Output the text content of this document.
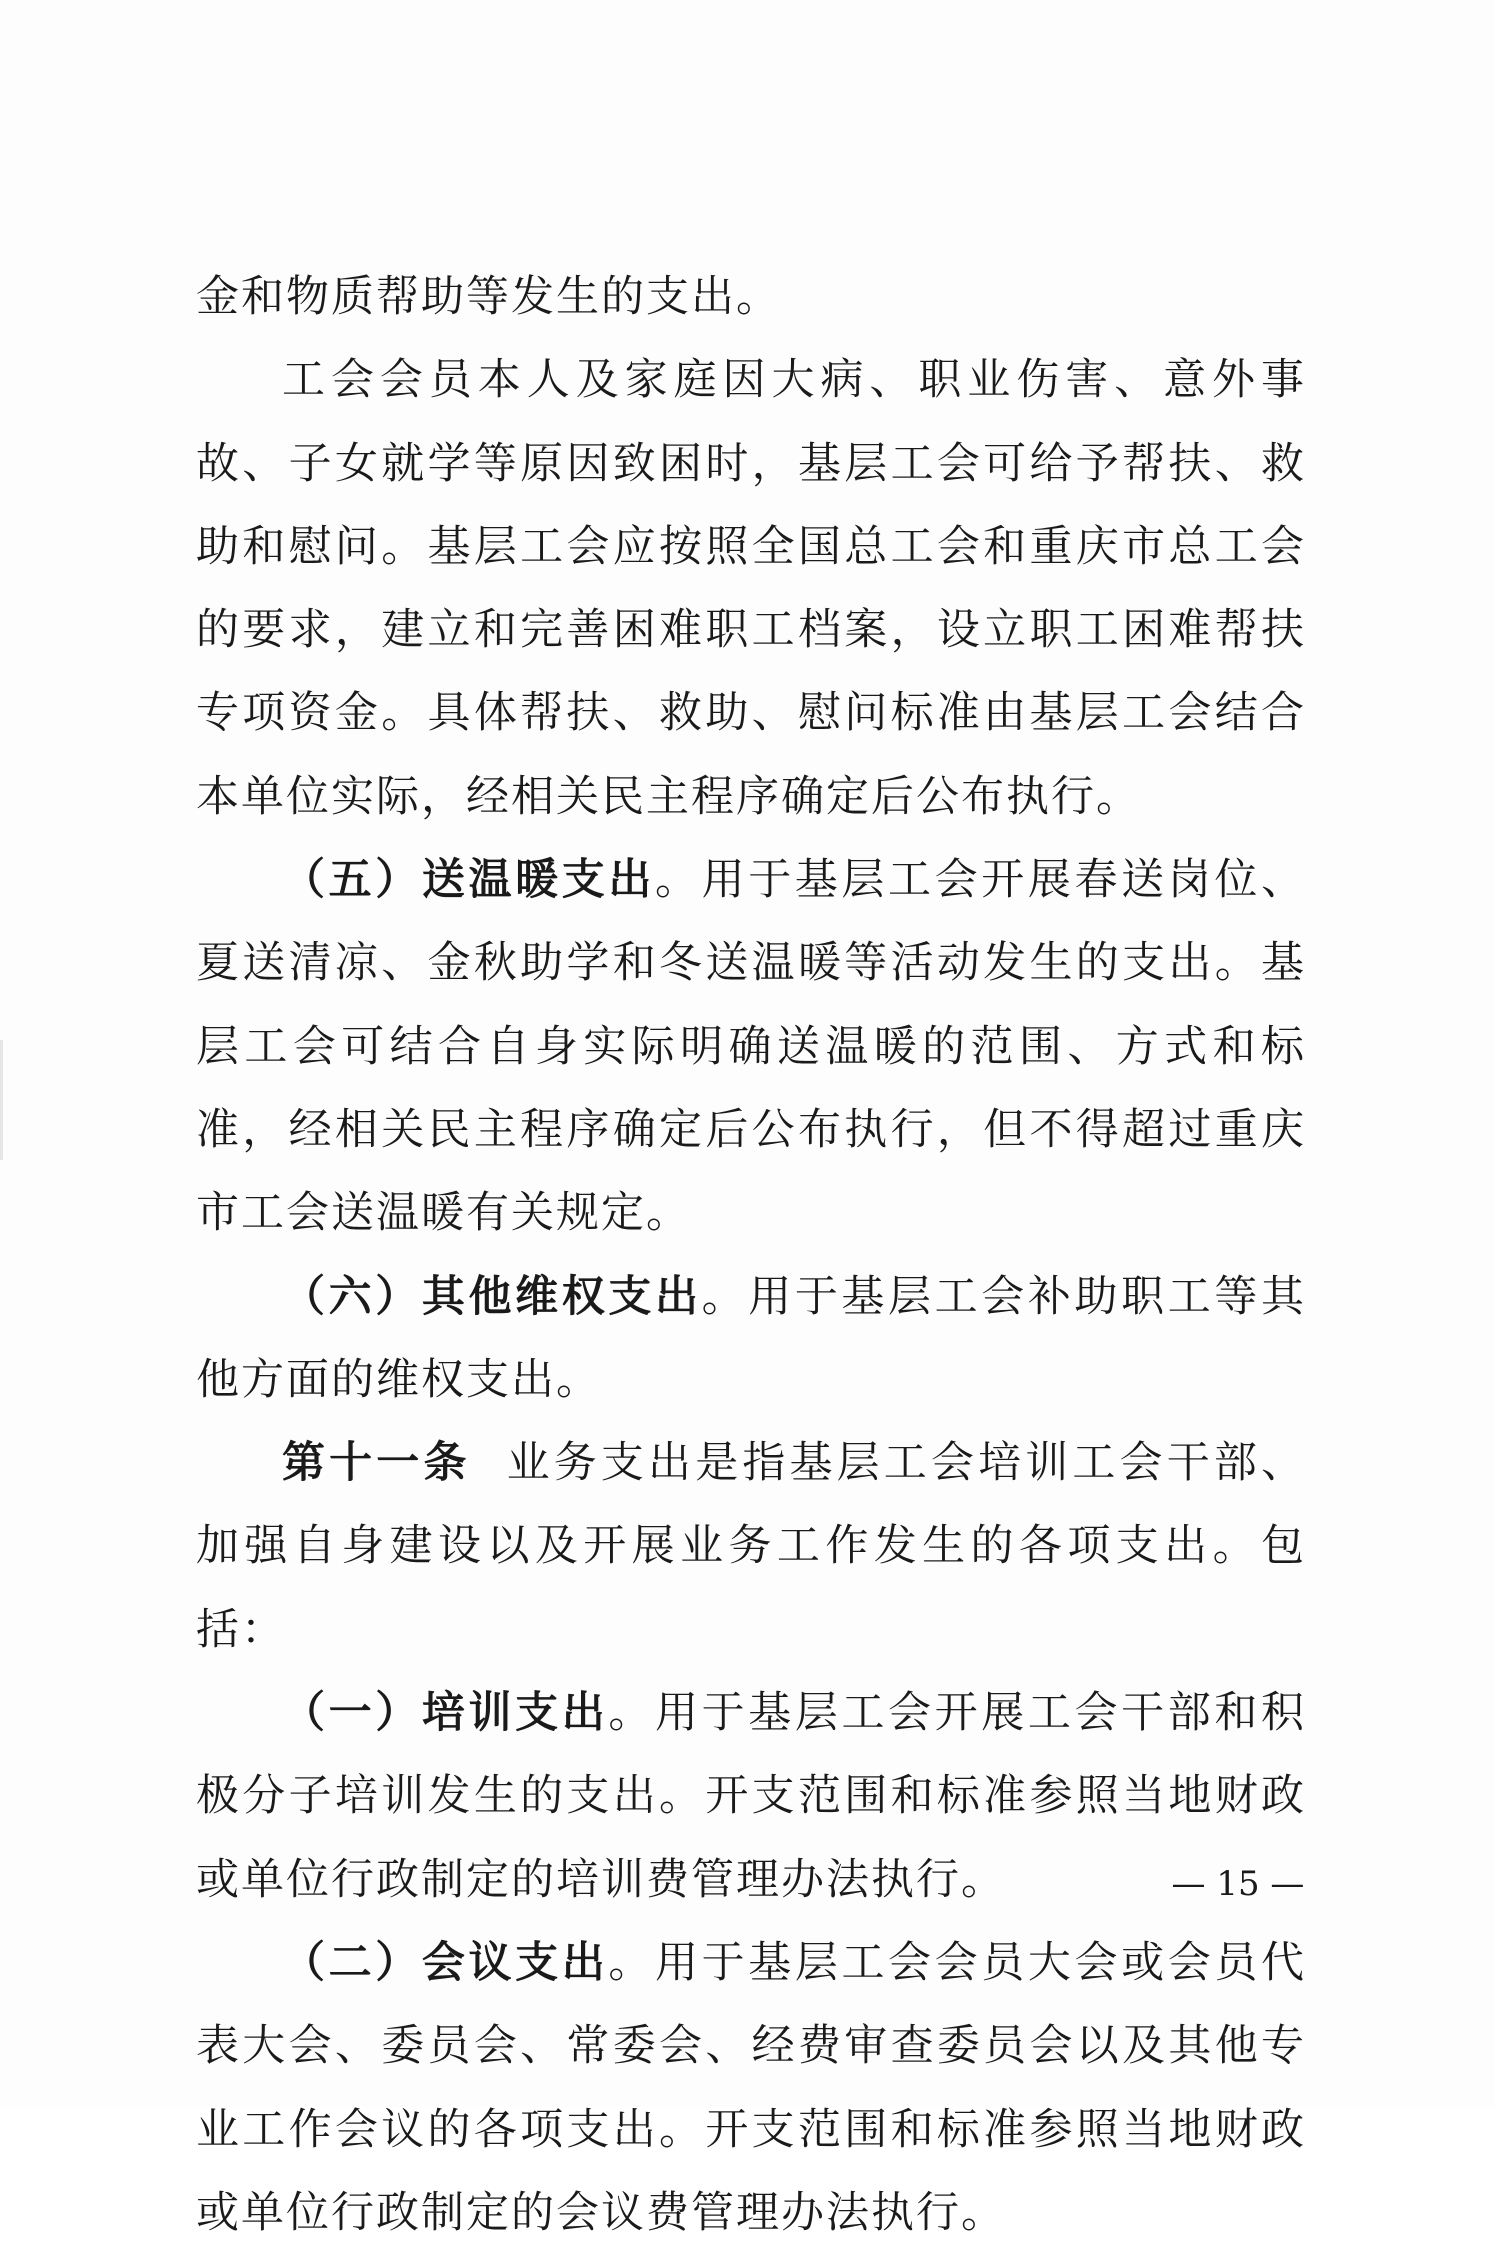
金和物质帮助等发生的支出。

工会会员本人及家庭因大病、职业伤害、意外事故、子女就学等原因致困时，基层工会可给予帮扶、救助和慰问。基层工会应按照全国总工会和重庆市总工会的要求，建立和完善困难职工档案，设立职工困难帮扶专项资金。具体帮扶、救助、慰问标准由基层工会结合本单位实际，经相关民主程序确定后公布执行。

（五）送温暖支出。用于基层工会开展春送岗位、夏送清凉、金秋助学和冬送温暖等活动发生的支出。基层工会可结合自身实际明确送温暖的范围、方式和标准，经相关民主程序确定后公布执行，但不得超过重庆市工会送温暖有关规定。

（六）其他维权支出。用于基层工会补助职工等其他方面的维权支出。

第十一条 业务支出是指基层工会培训工会干部、加强自身建设以及开展业务工作发生的各项支出。包括：

（一）培训支出。用于基层工会开展工会干部和积极分子培训发生的支出。开支范围和标准参照当地财政或单位行政制定的培训费管理办法执行。

（二）会议支出。用于基层工会会员大会或会员代表大会、委员会、常委会、经费审查委员会以及其他专业工作会议的各项支出。开支范围和标准参照当地财政或单位行政制定的会议费管理办法执行。

— 15 —
